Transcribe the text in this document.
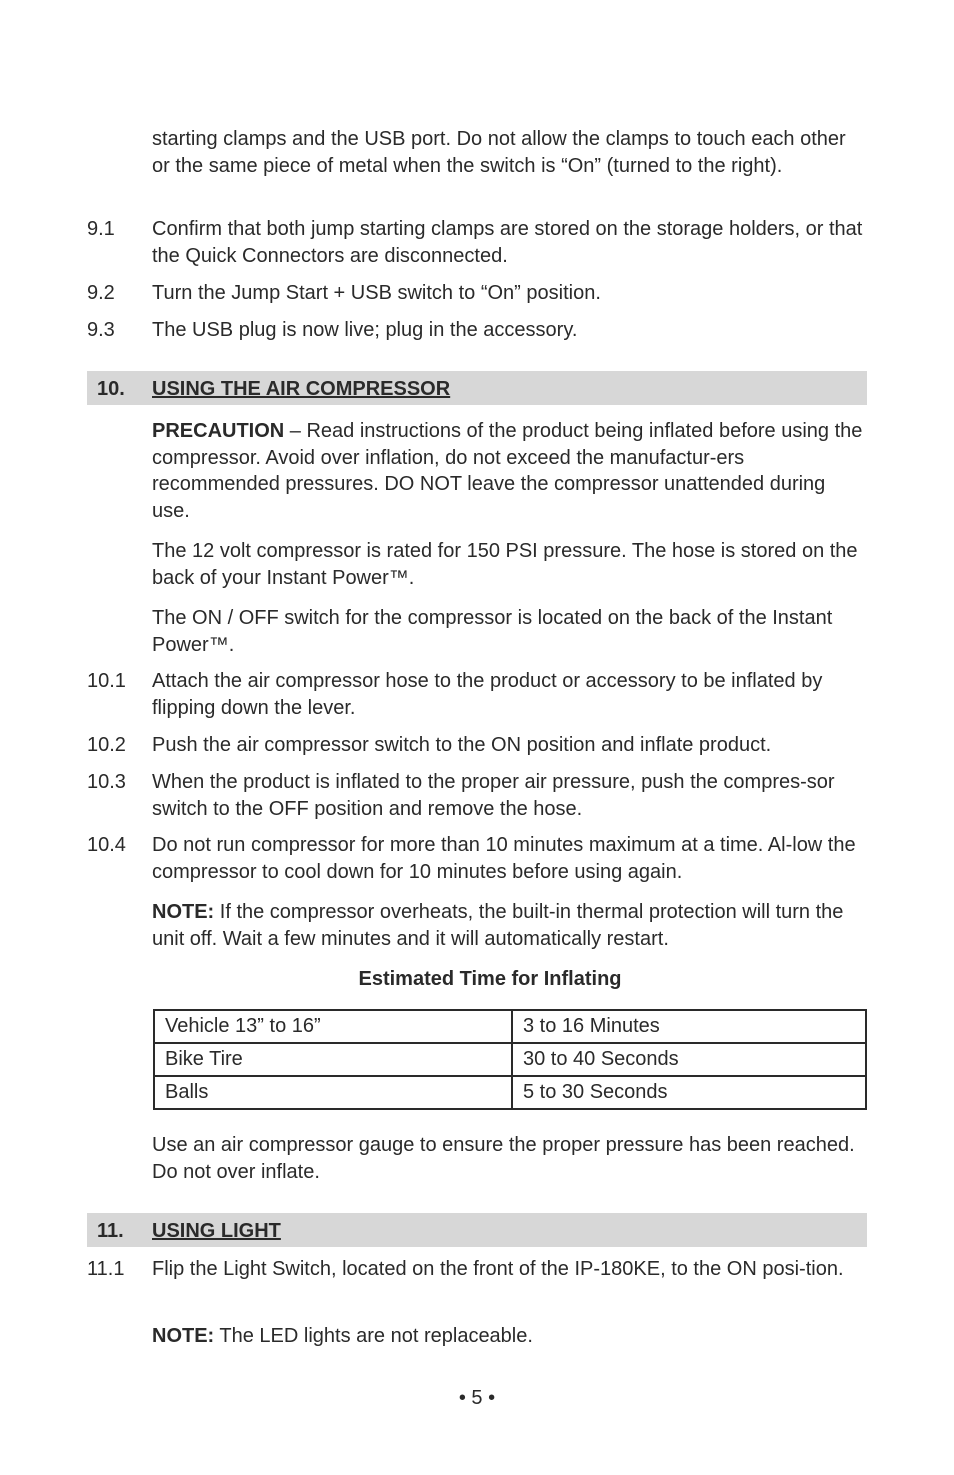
starting clamps and the USB port. Do not allow the clamps to touch each other or the same piece of metal when the switch is “On” (turned to the right).

9.1 Confirm that both jump starting clamps are stored on the storage holders, or that the Quick Connectors are disconnected.

9.2 Turn the Jump Start + USB switch to “On” position.

9.3 The USB plug is now live; plug in the accessory.

10. USING THE AIR COMPRESSOR

PRECAUTION – Read instructions of the product being inflated before using the compressor. Avoid over inflation, do not exceed the manufactur-ers recommended pressures. DO NOT leave the compressor unattended during use.

The 12 volt compressor is rated for 150 PSI pressure. The hose is stored on the back of your Instant Power™.

The ON / OFF switch for the compressor is located on the back of the Instant Power™.

10.1 Attach the air compressor hose to the product or accessory to be inflated by flipping down the lever.

10.2 Push the air compressor switch to the ON position and inflate product.

10.3 When the product is inflated to the proper air pressure, push the compres-sor switch to the OFF position and remove the hose.

10.4 Do not run compressor for more than 10 minutes maximum at a time. Al-low the compressor to cool down for 10 minutes before using again.

NOTE: If the compressor overheats, the built-in thermal protection will turn the unit off. Wait a few minutes and it will automatically restart.

Estimated Time for Inflating
Vehicle 13” to 16”	3 to 16 Minutes
Bike Tire	30 to 40 Seconds
Balls	5 to 30 Seconds

Use an air compressor gauge to ensure the proper pressure has been reached. Do not over inflate.

11. USING LIGHT
11.1 Flip the Light Switch, located on the front of the IP-180KE, to the ON posi-tion.

NOTE: The LED lights are not replaceable.

• 5 •
